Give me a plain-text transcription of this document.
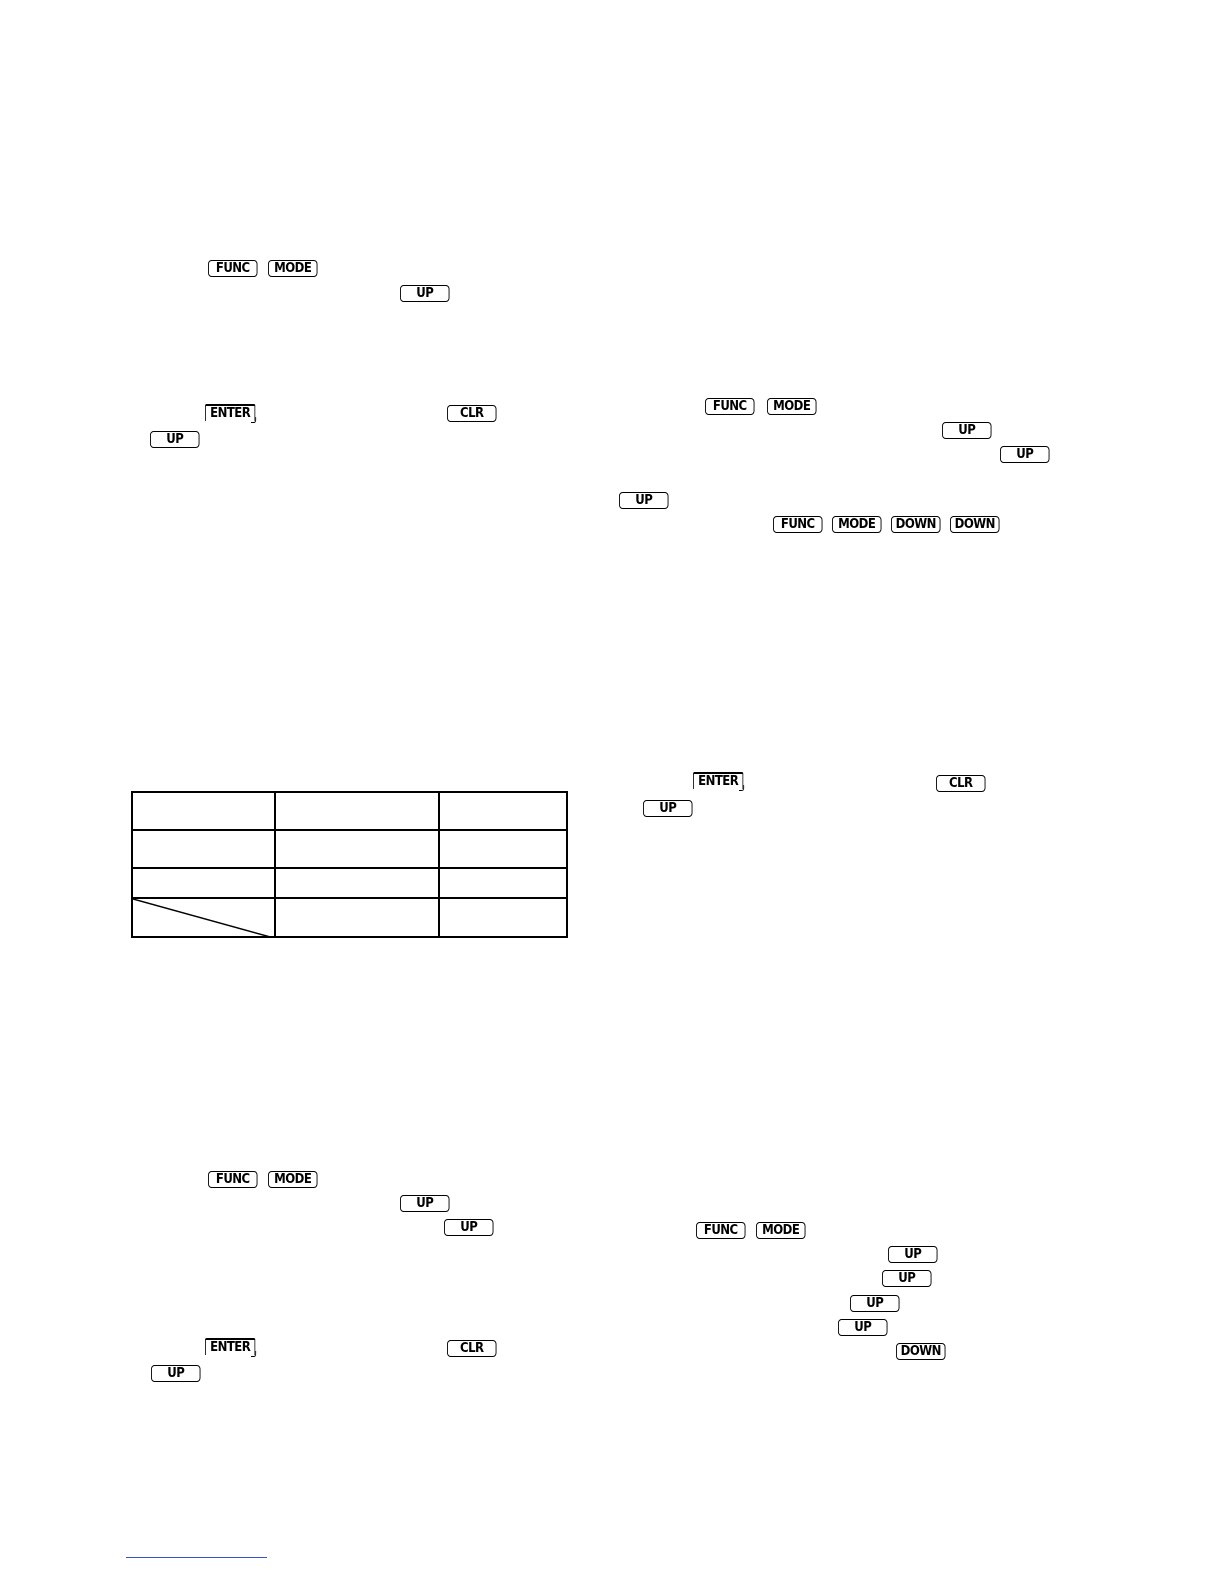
FUNC	MODE
UP
ENTER	CLR
UP

FUNC	MODE
UP
UP
ENTER	CLR
UP
FUNC	MODE
UP
UP
UP
FUNC	MODE	DOWN	DOWN
ENTER	CLR
UP
FUNC	MODE
UP
UP
UP
UP
DOWN
